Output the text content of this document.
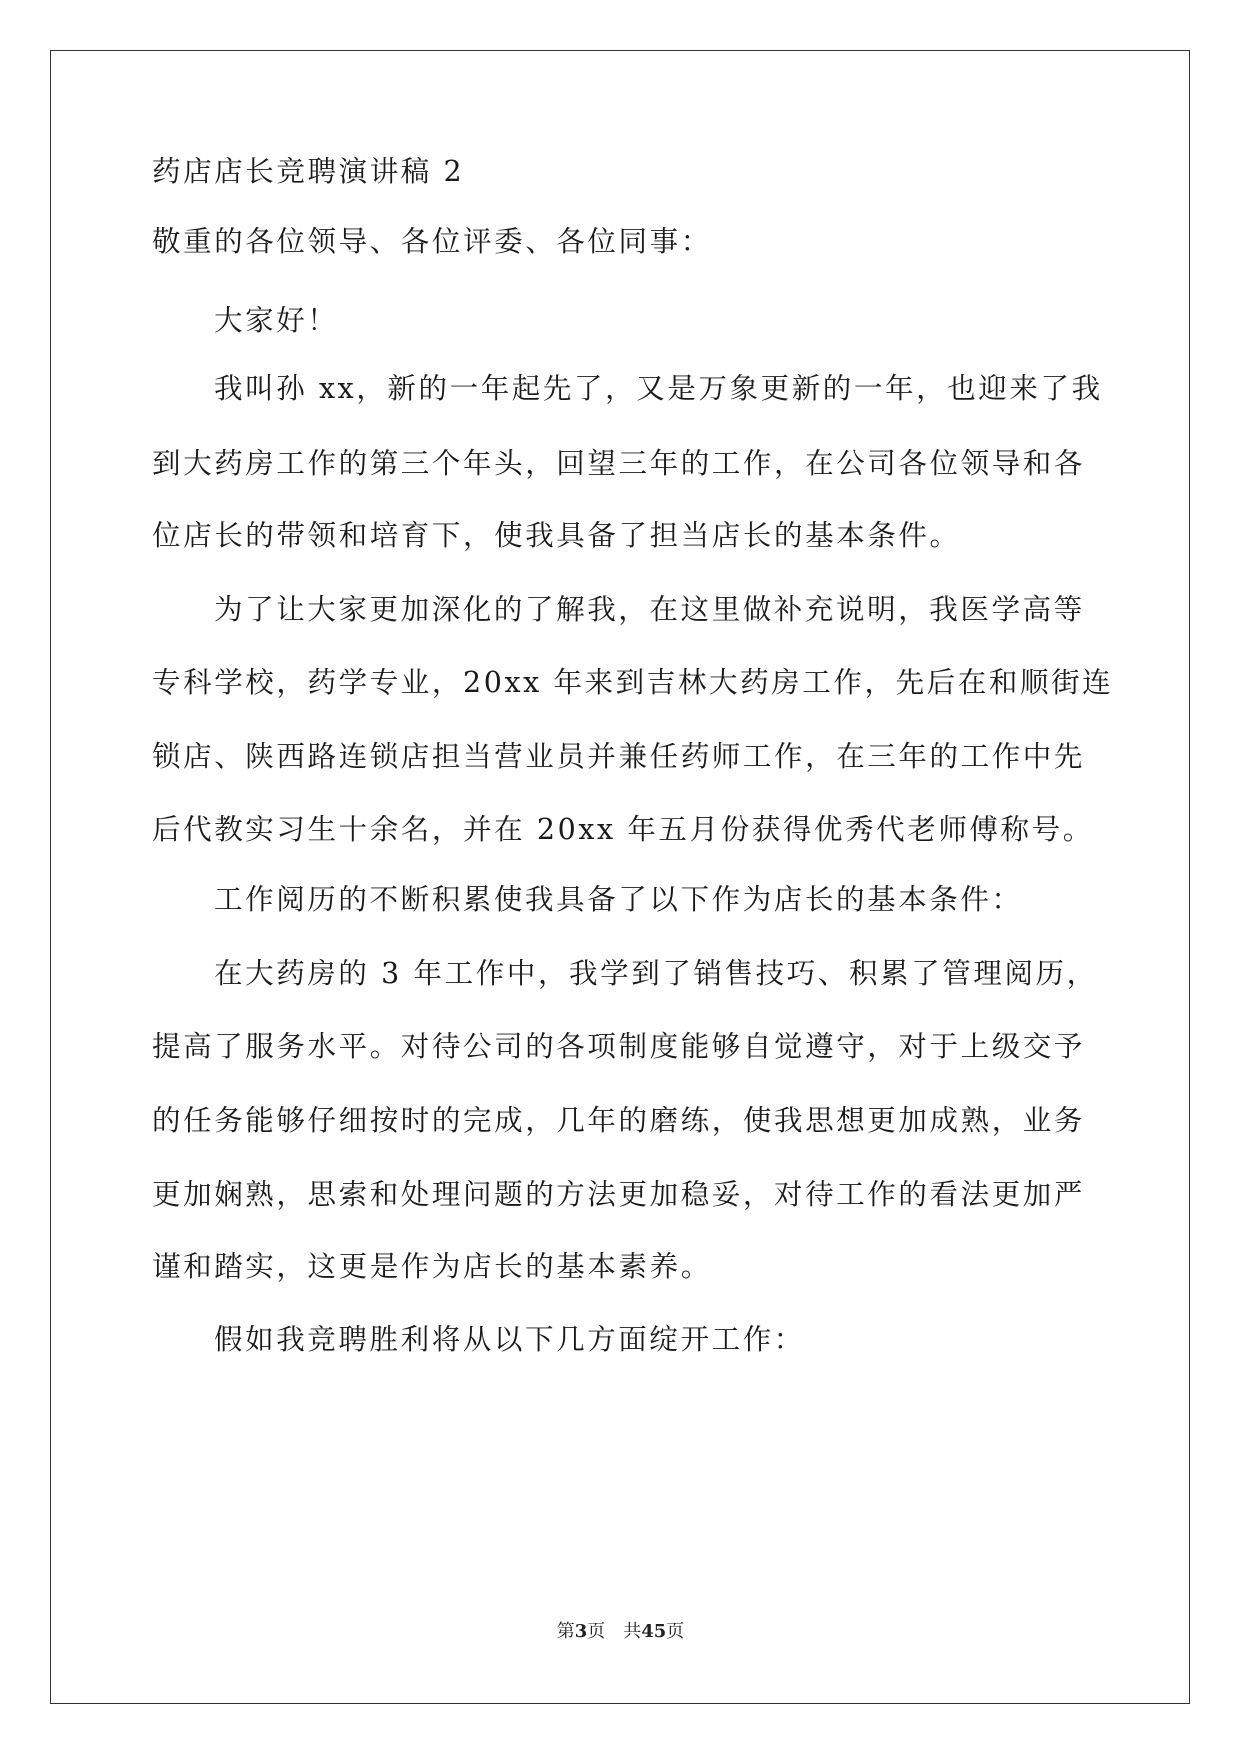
药店店长竞聘演讲稿 2
敬重的各位领导、各位评委、各位同事：
大家好！
我叫孙 xx，新的一年起先了，又是万象更新的一年，也迎来了我
到大药房工作的第三个年头，回望三年的工作，在公司各位领导和各
位店长的带领和培育下，使我具备了担当店长的基本条件。
为了让大家更加深化的了解我，在这里做补充说明，我医学高等
专科学校，药学专业，20xx 年来到吉林大药房工作，先后在和顺街连
锁店、陕西路连锁店担当营业员并兼任药师工作，在三年的工作中先
后代教实习生十余名，并在 20xx 年五月份获得优秀代老师傅称号。
工作阅历的不断积累使我具备了以下作为店长的基本条件：
在大药房的 3 年工作中，我学到了销售技巧、积累了管理阅历，
提高了服务水平。对待公司的各项制度能够自觉遵守，对于上级交予
的任务能够仔细按时的完成，几年的磨练，使我思想更加成熟，业务
更加娴熟，思索和处理问题的方法更加稳妥，对待工作的看法更加严
谨和踏实，这更是作为店长的基本素养。
假如我竞聘胜利将从以下几方面绽开工作：
第3页　共45页
